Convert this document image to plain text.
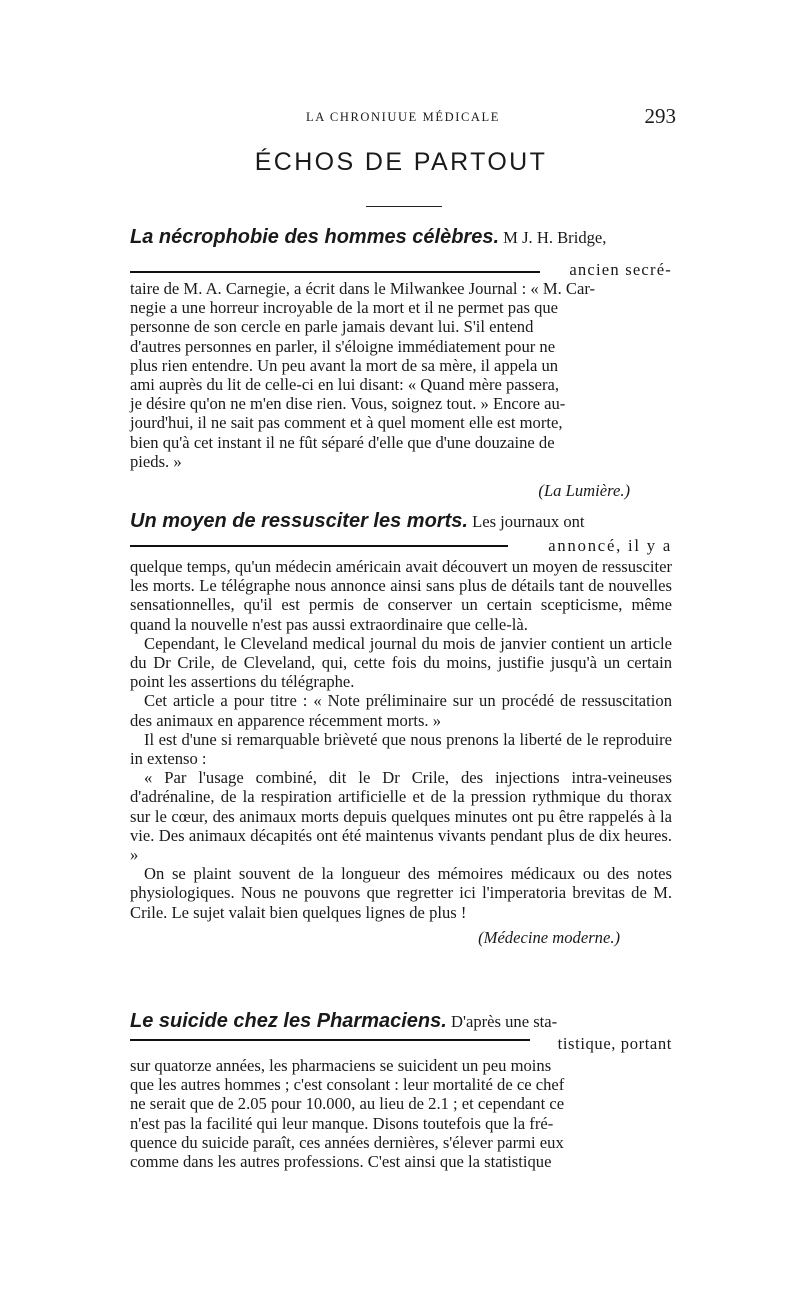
LA CHRONIUUE MÉDICALE	293
ÉCHOS DE PARTOUT
La nécrophobie des hommes célèbres. M J. H. Bridge,
ancien secré-

taire de M. A. Carnegie, a écrit dans le Milwankee Journal : « M. Car-

negie a une horreur incroyable de la mort et il ne permet pas que

personne de son cercle en parle jamais devant lui. S'il entend

d'autres personnes en parler, il s'éloigne immédiatement pour ne

plus rien entendre. Un peu avant la mort de sa mère, il appela un

ami auprès du lit de celle-ci en lui disant: « Quand mère passera,

je désire qu'on ne m'en dise rien. Vous, soignez tout. » Encore au-

jourd'hui, il ne sait pas comment et à quel moment elle est morte,

bien qu'à cet instant il ne fût séparé d'elle que d'une douzaine de

pieds. »

(La Lumière.)
Un moyen de ressusciter les morts. Les journaux ont
annoncé, il y a

quelque temps, qu'un médecin américain avait découvert un moyen de ressusciter les morts. Le télégraphe nous annonce ainsi sans plus de détails tant de nouvelles sensationnelles, qu'il est permis de conserver un certain scepticisme, même quand la nouvelle n'est pas aussi extraordinaire que celle-là.

Cependant, le Cleveland medical journal du mois de janvier contient un article du Dr Crile, de Cleveland, qui, cette fois du moins, justifie jusqu'à un certain point les assertions du télégraphe.

Cet article a pour titre : « Note préliminaire sur un procédé de ressuscitation des animaux en apparence récemment morts. »

Il est d'une si remarquable brièveté que nous prenons la liberté de le reproduire in extenso :

« Par l'usage combiné, dit le Dr Crile, des injections intra-veineuses d'adrénaline, de la respiration artificielle et de la pression rythmique du thorax sur le cœur, des animaux morts depuis quelques minutes ont pu être rappelés à la vie. Des animaux décapités ont été maintenus vivants pendant plus de dix heures. »

On se plaint souvent de la longueur des mémoires médicaux ou des notes physiologiques. Nous ne pouvons que regretter ici l'imperatoria brevitas de M. Crile. Le sujet valait bien quelques lignes de plus !

(Médecine moderne.)
Le suicide chez les Pharmaciens. D'après une sta-
tistique, portant

sur quatorze années, les pharmaciens se suicident un peu moins

que les autres hommes ; c'est consolant : leur mortalité de ce chef

ne serait que de 2.05 pour 10.000, au lieu de 2.1 ; et cependant ce

n'est pas la facilité qui leur manque. Disons toutefois que la fré-

quence du suicide paraît, ces années dernières, s'élever parmi eux

comme dans les autres professions. C'est ainsi que la statistique
